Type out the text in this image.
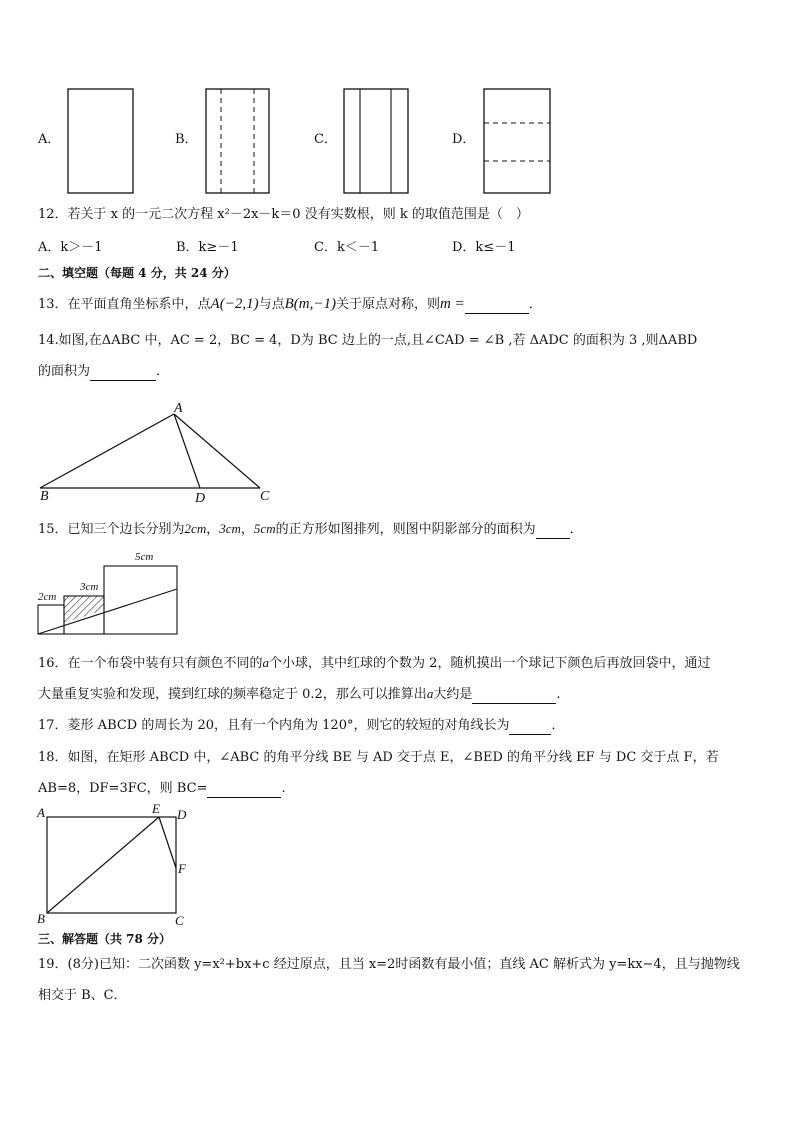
A．	B．	C．	D．
12．若关于 x 的一元二次方程 x²－2x－k＝0 没有实数根，则 k 的取值范围是（　）
A．k＞－1	B．k≥－1	C．k＜－1	D．k≤－1
二、填空题（每题 4 分，共 24 分）
13．在平面直角坐标系中，点A(−2,1)与点B(m,−1)关于原点对称，则m =	．
14.如图,在ΔABC 中，AC = 2，BC = 4，D为 BC 边上的一点,且∠CAD = ∠B ,若 ΔADC 的面积为 3 ,则ΔABD
的面积为	．
A
B	C
D
15．已知三个边长分别为2cm，3cm，5cm的正方形如图排列，则图中阴影部分的面积为	．
2cm
3cm
5cm
16．在一个布袋中装有只有颜色不同的a个小球，其中红球的个数为 2，随机摸出一个球记下颜色后再放回袋中，通过
大量重复实验和发现，摸到红球的频率稳定于 0.2，那么可以推算出a大约是	.
17．菱形 ABCD 的周长为 20，且有一个内角为 120°，则它的较短的对角线长为	．
18．如图，在矩形 ABCD 中，∠ABC 的角平分线 BE 与 AD 交于点 E，∠BED 的角平分线 EF 与 DC 交于点 F，若
AB=8，DF=3FC，则 BC=	.
A	E D
F
B	C
三、解答题（共 78 分）
19．(8分)已知：二次函数 y=x²+bx+c 经过原点，且当 x=2时函数有最小值；直线 AC 解析式为 y=kx−4，且与抛物线
相交于 B、C．
